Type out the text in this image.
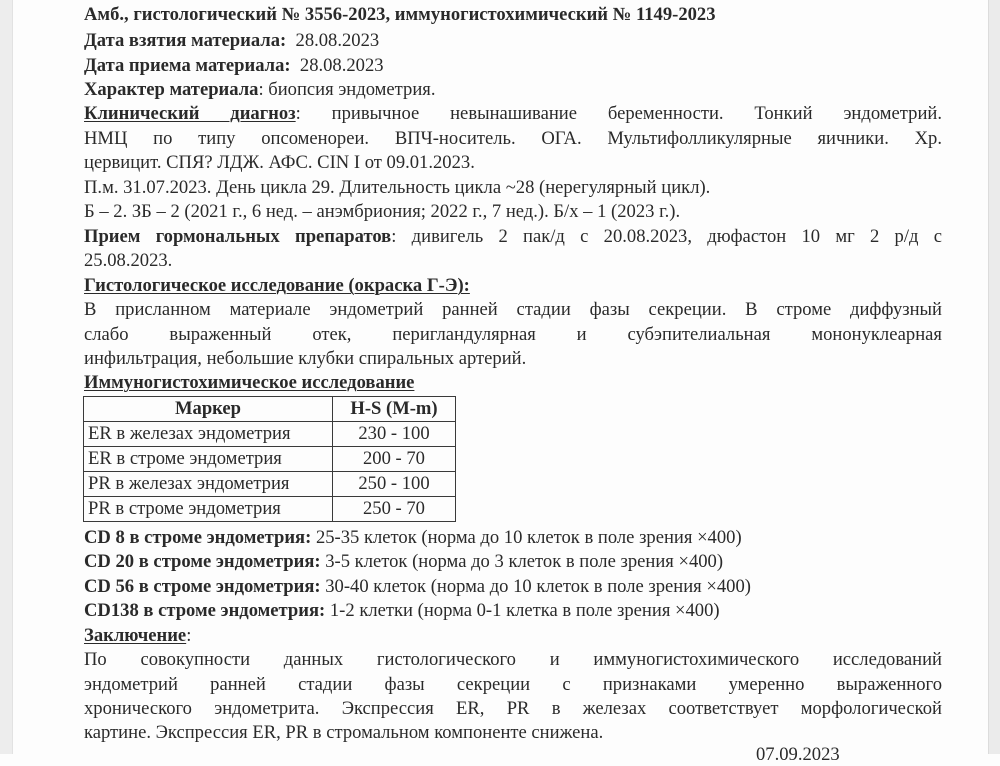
Амб., гистологический № 3556-2023, иммуногистохимический № 1149-2023
Дата взятия материала: 28.08.2023
Дата приема материала: 28.08.2023
Характер материала: биопсия эндометрия.
Клинический диагноз: привычное невынашивание беременности. Тонкий эндометрий.
НМЦ по типу опсоменореи. ВПЧ-носитель. ОГА. Мультифолликулярные яичники. Хр.
цервицит. СПЯ? ЛДЖ. АФС. CIN I от 09.01.2023.
П.м. 31.07.2023. День цикла 29. Длительность цикла ~28 (нерегулярный цикл).
Б – 2. ЗБ – 2 (2021 г., 6 нед. – анэмбриония; 2022 г., 7 нед.). Б/х – 1 (2023 г.).
Прием гормональных препаратов: дивигель 2 пак/д с 20.08.2023, дюфастон 10 мг 2 р/д с
25.08.2023.
Гистологическое исследование (окраска Г-Э):
В присланном материале эндометрий ранней стадии фазы секреции. В строме диффузный
слабо выраженный отек, перигландулярная и субэпителиальная мононуклеарная
инфильтрация, небольшие клубки спиральных артерий.
Иммуногистохимическое исследование
Маркер	H-S (M-m)
ER в железах эндометрия	230 - 100
ER в строме эндометрия	200 - 70
PR в железах эндометрия	250 - 100
PR в строме эндометрия	250 - 70
CD 8 в строме эндометрия: 25-35 клеток (норма до 10 клеток в поле зрения ×400)
CD 20 в строме эндометрия: 3-5 клеток (норма до 3 клеток в поле зрения ×400)
CD 56 в строме эндометрия: 30-40 клеток (норма до 10 клеток в поле зрения ×400)
CD138 в строме эндометрия: 1-2 клетки (норма 0-1 клетка в поле зрения ×400)
Заключение:
По совокупности данных гистологического и иммуногистохимического исследований
эндометрий ранней стадии фазы секреции с признаками умеренно выраженного
хронического эндометрита. Экспрессия ER, PR в железах соответствует морфологической
картине. Экспрессия ER, PR в стромальном компоненте снижена.
07.09.2023
